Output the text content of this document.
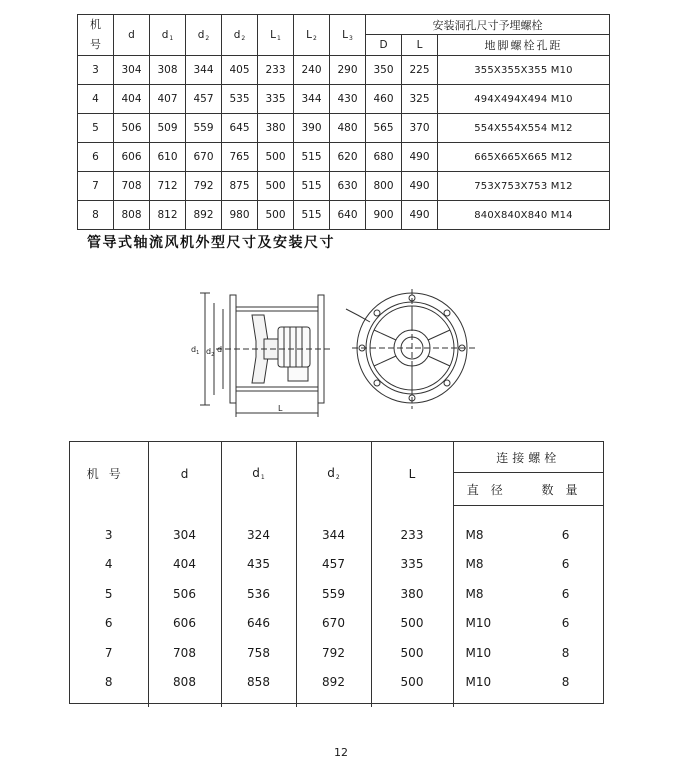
机
号	d	$d_1$	$d_2$	$d_2$	$L_1$	$L_2$	$L_3$	安装洞孔尺寸予埋螺栓		
								D	L	地脚螺栓孔距
3	304	308	344	405	233	240	290	350	225	355X355X355 M10
4	404	407	457	535	335	344	430	460	325	494X494X494 M10
5	506	509	559	645	380	390	480	565	370	554X554X554 M12
6	606	610	670	765	500	515	620	680	490	665X665X665 M12
7	708	712	792	875	500	515	630	800	490	753X753X753 M12
8	808	812	892	980	500	515	640	900	490	840X840X840 M14
管导式轴流风机外型尺寸及安装尺寸
$d_1$ $d_2$
d
L
机号	d	$d_1$	$d_2$	L	连接螺栓	
					直径	数量

3	304	324	344	233	M8	6
4	404	435	457	335	M8	6
5	506	536	559	380	M8	6
6	606	646	670	500	M10	6
7	708	758	792	500	M10	8
8	808	858	892	500	M10	8

12
